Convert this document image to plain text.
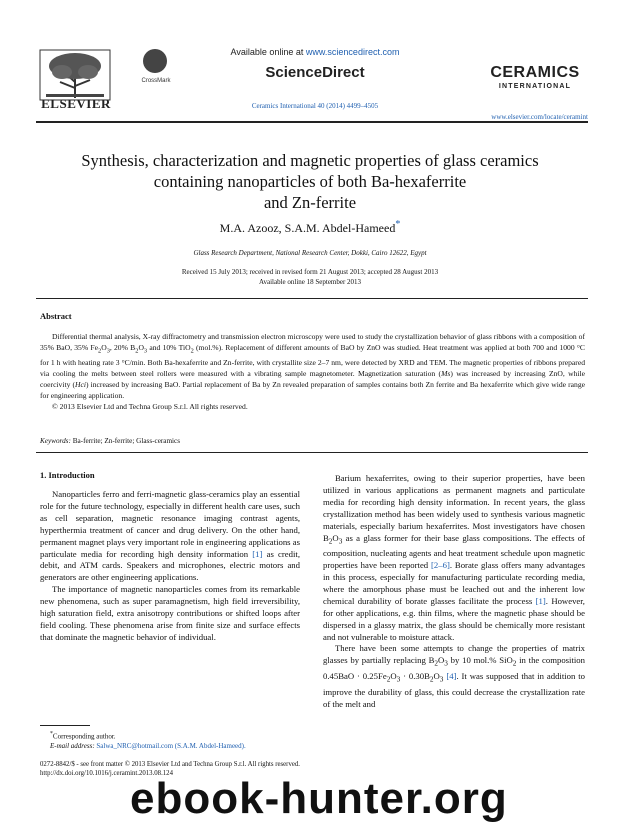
ELSEVIER
CrossMark
Available online at www.sciencedirect.com
ScienceDirect
Ceramics International 40 (2014) 4499–4505
CERAMICS
INTERNATIONAL
www.elsevier.com/locate/ceramint
Synthesis, characterization and magnetic properties of glass ceramics
containing nanoparticles of both Ba-hexaferrite
and Zn-ferrite
M.A. Azooz, S.A.M. Abdel-Hameed*
Glass Research Department, National Research Center, Dokki, Cairo 12622, Egypt
Received 15 July 2013; received in revised form 21 August 2013; accepted 28 August 2013
Available online 18 September 2013
Abstract
Differential thermal analysis, X-ray diffractometry and transmission electron microscopy were used to study the crystallization behavior of glass ribbons with a composition of 35% BaO, 35% $Fe_2O_3$, 20% $B_2O_3$ and 10% TiO$_2$ (mol.%). Replacement of different amounts of BaO by ZnO was studied. Heat treatment was applied at both 700 and 1000 °C for 1 h with heating rate 3 °C/min. Both Ba-hexaferrite and Zn-ferrite, with crystallite size 2–7 nm, were detected by XRD and TEM. The magnetic properties of ribbons prepared via cooling the melts between steel rollers were measured with a vibrating sample magnetometer. Magnetization saturation (Ms) was increased by increasing ZnO, while coercivity (Hci) increased by increasing BaO. Partial replacement of Ba by Zn revealed preparation of samples contains both Zn ferrite and Ba hexaferrite which give wide range for engineering application.
© 2013 Elsevier Ltd and Techna Group S.r.l. All rights reserved.
Keywords: Ba-ferrite; Zn-ferrite; Glass-ceramics
1. Introduction

Nanoparticles ferro and ferri-magnetic glass-ceramics play an essential role for the future technology, especially in different health care uses, such as cell separation, magnetic resonance imaging contrast agents, hyperthermia treatment of cancer and drug delivery. On the other hand, permanent magnet plays very important role in engineering applications as particulate media for recording high density information [1] as credit, debit, and ATM cards. Speakers and microphones, electric motors and generators are other engineering applications.

The importance of magnetic nanoparticles comes from its remarkable new phenomena, such as super paramagnetism, high field irreversibility, high saturation field, extra anisotropy contributions or shifted loops after field cooling. These phenomena arise from finite size and surface effects that dominate the magnetic behavior of individual.

Barium hexaferrites, owing to their superior properties, have been utilized in various applications as permanent magnets and particulate media for recording high density information. In recent years, the glass crystallization method has been widely used to synthesis various magnetic materials, especially barium hexaferrites. Most investigators have chosen $B_2O_3$ as a glass former for their base glass compositions. The effects of composition, nucleating agents and heat treatment schedule upon magnetic properties have been reported [2–6]. Borate glass offers many advantages in this process, especially for manufacturing particulate recording media, where the amorphous phase must be leached out and the inherent low chemical durability of borate glasses facilitate the process [1]. However, for other applications, e.g. thin films, where the magnetic phase should be dispersed in a glassy matrix, the glass should be chemically more resistant and not vulnerable to moisture attack.

There have been some attempts to change the properties of matrix glasses by partially replacing $B_2O_3$ by 10 mol.% SiO$_2$ in the composition $0.45BaO \cdot 0.25Fe_2O_3 \cdot 0.30B_2O_3$ [4]. It was supposed that in addition to improve the durability of glass, this could decrease the crystallization rate of the melt and

*Corresponding author.
E-mail address: Salwa_NRC@hotmail.com (S.A.M. Abdel-Hameed).
0272-8842/$ - see front matter © 2013 Elsevier Ltd and Techna Group S.r.l. All rights reserved.
http://dx.doi.org/10.1016/j.ceramint.2013.08.124
ebook-hunter.org
